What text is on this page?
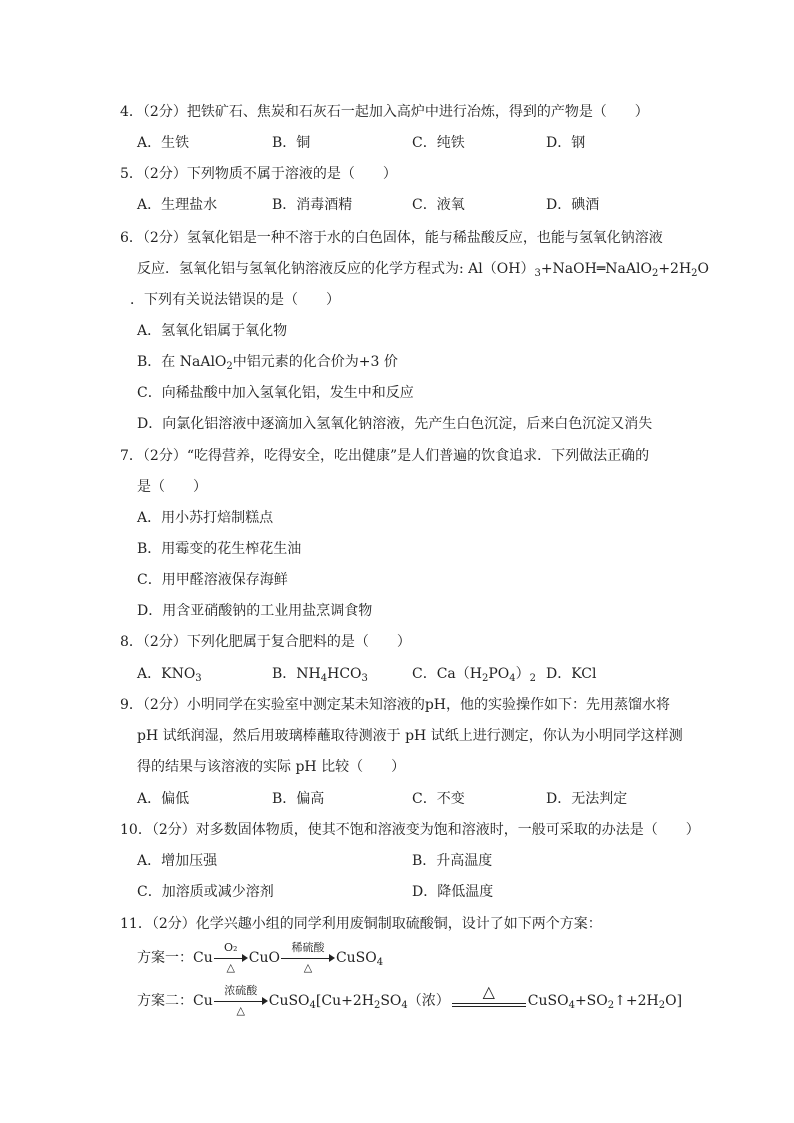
4．（2分）把铁矿石、焦炭和石灰石一起加入高炉中进行冶炼，得到的产物是（　　）
A．生铁	B．铜	C．纯铁	D．钢
5．（2分）下列物质不属于溶液的是（　　）
A．生理盐水	B．消毒酒精	C．液氧	D．碘酒
6．（2分）氢氧化铝是一种不溶于水的白色固体，能与稀盐酸反应，也能与氢氧化钠溶液
反应．氢氧化铝与氢氧化钠溶液反应的化学方程式为: $Al(OH)_3+NaOH═NaAlO_2+2H_2O$
．下列有关说法错误的是（　　）
A．氢氧化铝属于氧化物
B．在 NaAlO$_2$中铝元素的化合价为+3 价
C．向稀盐酸中加入氢氧化铝，发生中和反应
D．向氯化铝溶液中逐滴加入氢氧化钠溶液，先产生白色沉淀，后来白色沉淀又消失
7．（2分）“吃得营养，吃得安全，吃出健康”是人们普遍的饮食追求．下列做法正确的
是（　　）
A．用小苏打焙制糕点
B．用霉变的花生榨花生油
C．用甲醛溶液保存海鲜
D．用含亚硝酸钠的工业用盐烹调食物
8．（2分）下列化肥属于复合肥料的是（　　）
A．$KNO_3$	B．$NH_4HCO_3$	C．$Ca(H_2PO_4)_2$ D．KCl
9．（2分）小明同学在实验室中测定某未知溶液的pH，他的实验操作如下：先用蒸馏水将
pH 试纸润湿，然后用玻璃棒蘸取待测液于 pH 试纸上进行测定，你认为小明同学这样测
得的结果与该溶液的实际 pH 比较（　　）
A．偏低	B．偏高	C．不变	D．无法判定
10．（2分）对多数固体物质，使其不饱和溶液变为饱和溶液时，一般可采取的办法是（　　）
A．增加压强	B．升高温度
C．加溶质或减少溶剂	D．降低温度
11．（2分）化学兴趣小组的同学利用废铜制取硫酸铜，设计了如下两个方案：
方案一：Cu
O₂
△
CuO
稀硫酸
△
CuSO$_4$
方案二：Cu
浓硫酸
△
$CuSO_4[Cu+2H_2SO_4$（浓）	△	$CuSO_4+SO_2↑+2H_2O$]
